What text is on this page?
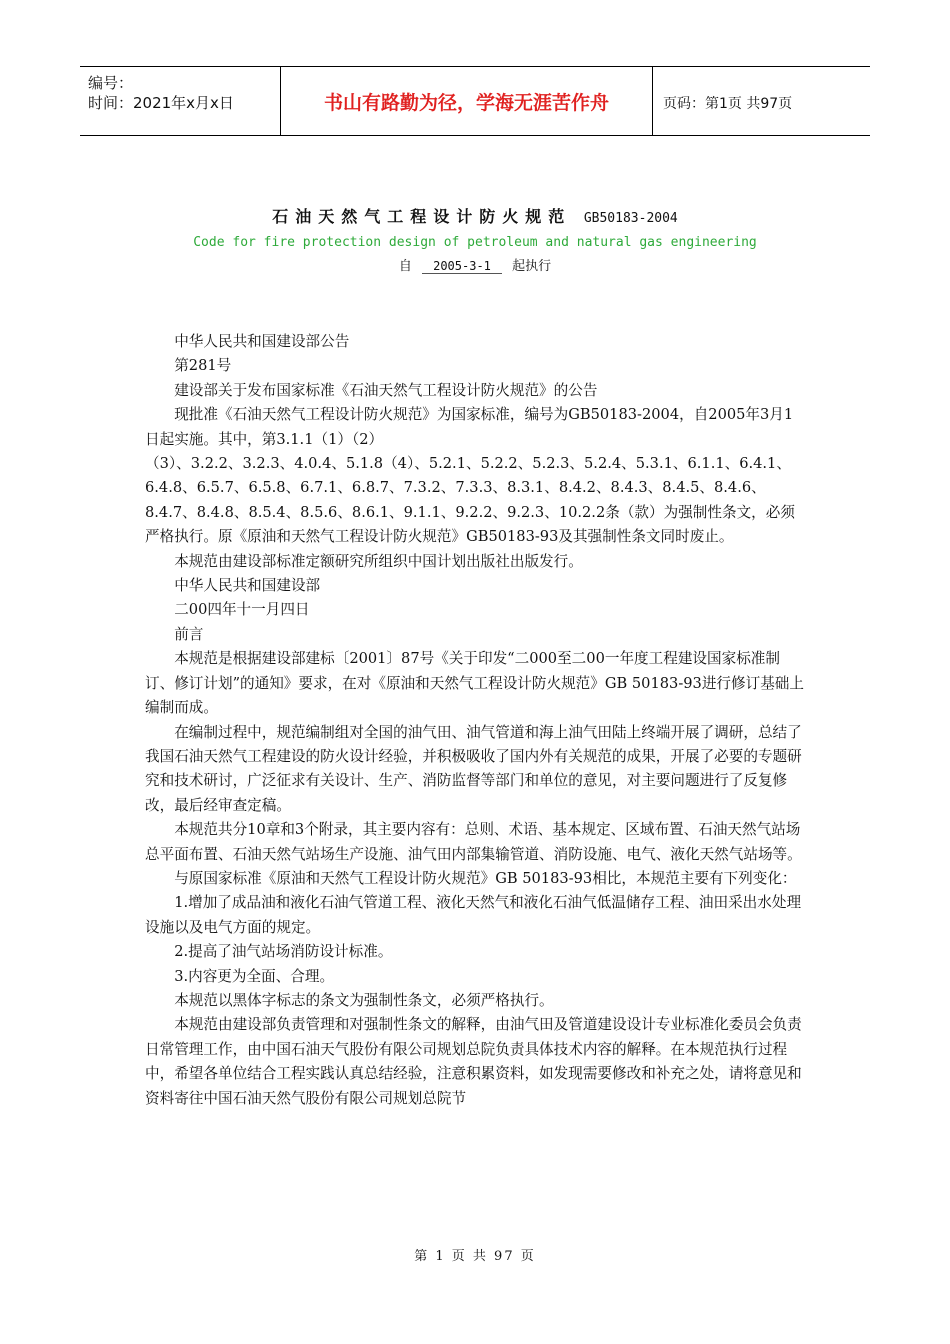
编号：
时间：2021年x月x日	书山有路勤为径，学海无涯苦作舟	页码：第1页 共97页
石油天然气工程设计防火规范 GB50183-2004
Code for fire protection design of petroleum and natural gas engineering
自 2005-3-1 起执行

中华人民共和国建设部公告

第281号

建设部关于发布国家标准《石油天然气工程设计防火规范》的公告

现批准《石油天然气工程设计防火规范》为国家标准，编号为GB50183-2004，自2005年3月1日起实施。其中，第3.1.1（1）（2）

（3）、3.2.2、3.2.3、4.0.4、5.1.8（4）、5.2.1、5.2.2、5.2.3、5.2.4、5.3.1、6.1.1、6.4.1、6.4.8、6.5.7、6.5.8、6.7.1、6.8.7、7.3.2、7.3.3、8.3.1、8.4.2、8.4.3、8.4.5、8.4.6、8.4.7、8.4.8、8.5.4、8.5.6、8.6.1、9.1.1、9.2.2、9.2.3、10.2.2条（款）为强制性条文，必须严格执行。原《原油和天然气工程设计防火规范》GB50183-93及其强制性条文同时废止。

本规范由建设部标准定额研究所组织中国计划出版社出版发行。

中华人民共和国建设部

二00四年十一月四日

前言

本规范是根据建设部建标〔2001〕87号《关于印发“二000至二00一年度工程建设国家标准制订、修订计划”的通知》要求，在对《原油和天然气工程设计防火规范》GB 50183-93进行修订基础上编制而成。

在编制过程中，规范编制组对全国的油气田、油气管道和海上油气田陆上终端开展了调研，总结了我国石油天然气工程建设的防火设计经验，并积极吸收了国内外有关规范的成果，开展了必要的专题研究和技术研讨，广泛征求有关设计、生产、消防监督等部门和单位的意见，对主要问题进行了反复修改，最后经审查定稿。

本规范共分10章和3个附录，其主要内容有：总则、术语、基本规定、区域布置、石油天然气站场总平面布置、石油天然气站场生产设施、油气田内部集输管道、消防设施、电气、液化天然气站场等。

与原国家标准《原油和天然气工程设计防火规范》GB 50183-93相比，本规范主要有下列变化：

1.增加了成品油和液化石油气管道工程、液化天然气和液化石油气低温储存工程、油田采出水处理设施以及电气方面的规定。

2.提高了油气站场消防设计标准。

3.内容更为全面、合理。

本规范以黑体字标志的条文为强制性条文，必须严格执行。

本规范由建设部负责管理和对强制性条文的解释，由油气田及管道建设设计专业标准化委员会负责日常管理工作，由中国石油天气股份有限公司规划总院负责具体技术内容的解释。在本规范执行过程中，希望各单位结合工程实践认真总结经验，注意积累资料，如发现需要修改和补充之处，请将意见和资料寄往中国石油天然气股份有限公司规划总院节

第 1 页 共 97 页
